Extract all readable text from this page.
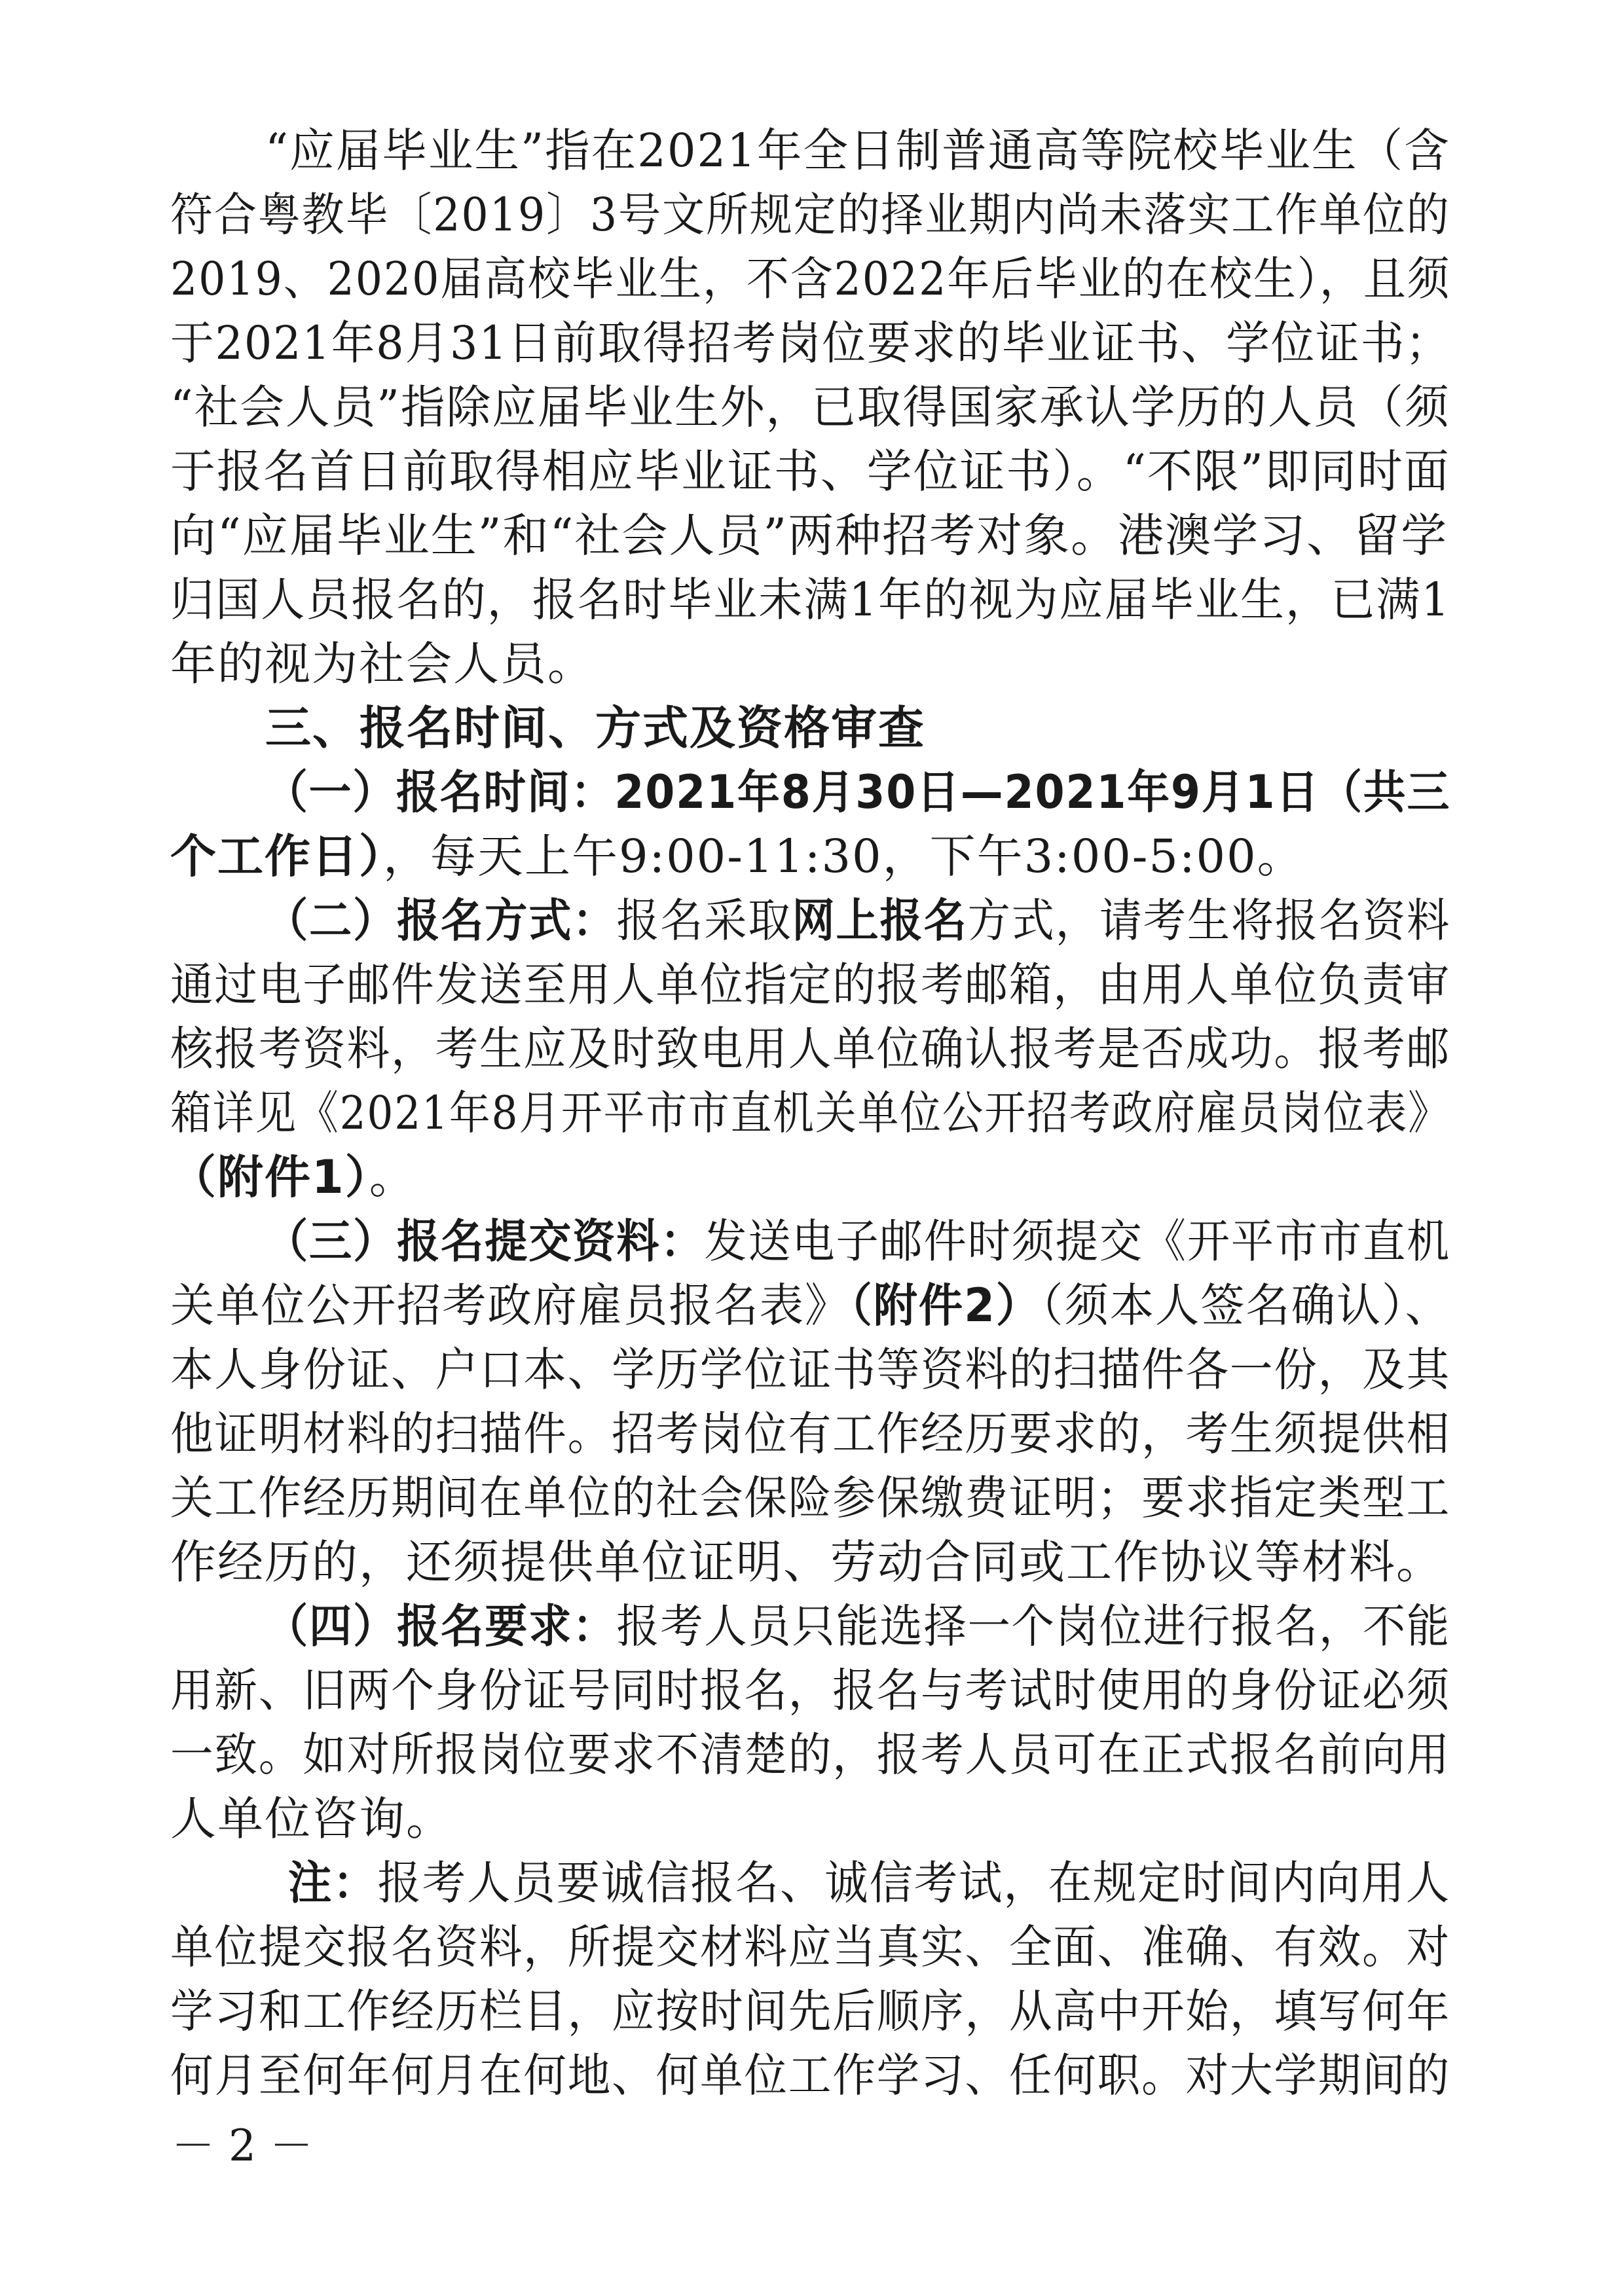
“应届毕业生”指在2021年全日制普通高等院校毕业生（含
符合粤教毕〔2019〕3号文所规定的择业期内尚未落实工作单位的
2019、2020届高校毕业生，不含2022年后毕业的在校生），且须
于2021年8月31日前取得招考岗位要求的毕业证书、学位证书；
“社会人员”指除应届毕业生外，已取得国家承认学历的人员（须
于报名首日前取得相应毕业证书、学位证书）。“不限”即同时面
向“应届毕业生”和“社会人员”两种招考对象。港澳学习、留学
归国人员报名的，报名时毕业未满1年的视为应届毕业生，已满1
年的视为社会人员。
三、报名时间、方式及资格审查
（一）报名时间：2021年8月30日—2021年9月1日（共三
个工作日），每天上午9:00-11:30，下午3:00-5:00。
（二）报名方式：报名采取网上报名方式，请考生将报名资料
通过电子邮件发送至用人单位指定的报考邮箱，由用人单位负责审
核报考资料，考生应及时致电用人单位确认报考是否成功。报考邮
箱详见《2021年8月开平市市直机关单位公开招考政府雇员岗位表》
（附件1）。
（三）报名提交资料：发送电子邮件时须提交《开平市市直机
关单位公开招考政府雇员报名表》（附件2）（须本人签名确认）、
本人身份证、户口本、学历学位证书等资料的扫描件各一份，及其
他证明材料的扫描件。招考岗位有工作经历要求的，考生须提供相
关工作经历期间在单位的社会保险参保缴费证明；要求指定类型工
作经历的，还须提供单位证明、劳动合同或工作协议等材料。
（四）报名要求：报考人员只能选择一个岗位进行报名，不能
用新、旧两个身份证号同时报名，报名与考试时使用的身份证必须
一致。如对所报岗位要求不清楚的，报考人员可在正式报名前向用
人单位咨询。
注：报考人员要诚信报名、诚信考试，在规定时间内向用人
单位提交报名资料，所提交材料应当真实、全面、准确、有效。对
学习和工作经历栏目，应按时间先后顺序，从高中开始，填写何年
何月至何年何月在何地、何单位工作学习、任何职。对大学期间的
－ 2 －
